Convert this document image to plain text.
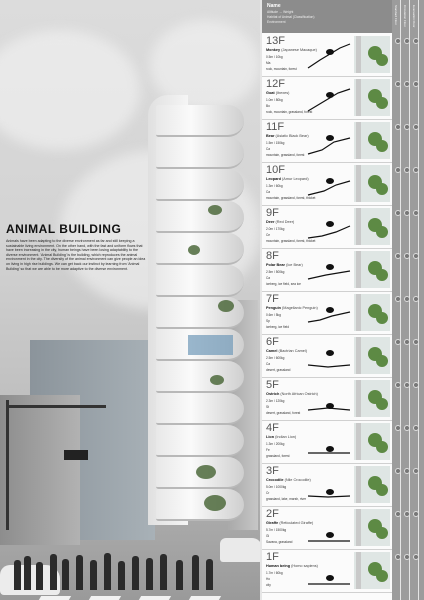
ANIMAL BUILDING

Animals have been adapting to the diverse environment as far and still keeping a sustainable living environment. On the other hand, with the fast and uniform flows that have been increasing in the city, human beings have been losing adaptability to the diverse environment. 'Animal Building' is the building, which reproduces the animal environment in the city. The diversity of the animal environment can give people an idea on living in high rise buildings. We can get back our instinct by learning from 'Animal Building' so that we are able to be more adaptive to the diverse environment.

Name
Altitude → Weight
Habitat of Animal (Classification)
Environment
13F
Monkey (Japanese Macaque)
0.5m / 10kg
Ma
rock, mountain, forest
12F
Goat (Ibexes)
1.0m / 80kg
Bo
rock, mountain, grassland, forest
11F
Bear (Asiatic Black Bear)
1.5m / 150kg
Ca
mountain, grassland, forest
10F
Leopard (Amur Leopard)
1.3m / 60kg
Ca
mountain, grassland, forest, thicket
9F
Deer (Red Deer)
2.0m / 170kg
Ce
mountain, grassland, forest, thicket
8F
Polar Bear (Ice Bear)
2.5m / 500kg
Ca
iceberg, ice field, sea ice
7F
Penguin (Magellanic Penguin)
0.6m / 5kg
Sp
iceberg, ice field
6F
Camel (Bactrian Camel)
2.5m / 600kg
Ca
desert, grassland
5F
Ostrich (North African Ostrich)
2.3m / 120kg
St
desert, grassland, forest
4F
Lion (Indian Lion)
1.3m / 200kg
Fe
grassland, forest
3F
Crocodile (Nile Crocodile)
5.0m / 1000kg
Cr
grassland, lake, marsh, river
2F
Giraffe (Reticulated Giraffe)
5.7m / 1500kg
Gi
Savana, grassland
1F
Human being (Homo sapiens)
1.7m / 60kg
Ho
city
Standard Floor Circulation Floor Evacuation Floor
